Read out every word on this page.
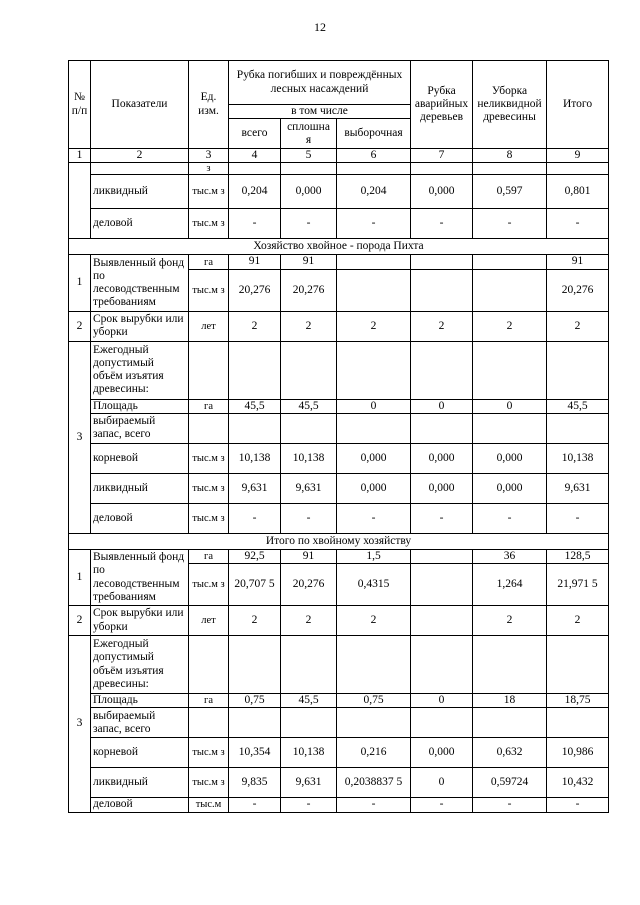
12
№ п/п	Показатели	Ед. изм.	Рубка погибших и повреждённых лесных насаждений			Рубка аварийных деревьев	Уборка неликвидной древесины	Итого
			в том числе					
			всего	сплошна я	выборочная			
1	2	3	4	5	6	7	8	9
		з						
	ликвидный	тыс.м з	0,204	0,000	0,204	0,000	0,597	0,801
	деловой	тыс.м з	-	-	-	-	-	-
Хозяйство хвойное - порода Пихта								
1	Выявленный фонд по лесоводственным требованиям	га	91	91				91
		тыс.м з	20,276	20,276				20,276
2	Срок вырубки или уборки	лет	2	2	2	2	2	2
3	Ежегодный допустимый объём изъятия древесины:							
	Площадь	га	45,5	45,5	0	0	0	45,5
	выбираемый запас, всего							
	корневой	тыс.м з	10,138	10,138	0,000	0,000	0,000	10,138
	ликвидный	тыс.м з	9,631	9,631	0,000	0,000	0,000	9,631
	деловой	тыс.м з	-	-	-	-	-	-
Итого по хвойному хозяйству								
1	Выявленный фонд по лесоводственным требованиям	га	92,5	91	1,5		36	128,5
		тыс.м з	20,707 5	20,276	0,4315		1,264	21,971 5
2	Срок вырубки или уборки	лет	2	2	2		2	2
3	Ежегодный допустимый объём изъятия древесины:							
	Площадь	га	0,75	45,5	0,75	0	18	18,75
	выбираемый запас, всего							
	корневой	тыс.м з	10,354	10,138	0,216	0,000	0,632	10,986
	ликвидный	тыс.м з	9,835	9,631	0,2038837 5	0	0,59724	10,432
	деловой	тыс.м	-	-	-	-	-	-
